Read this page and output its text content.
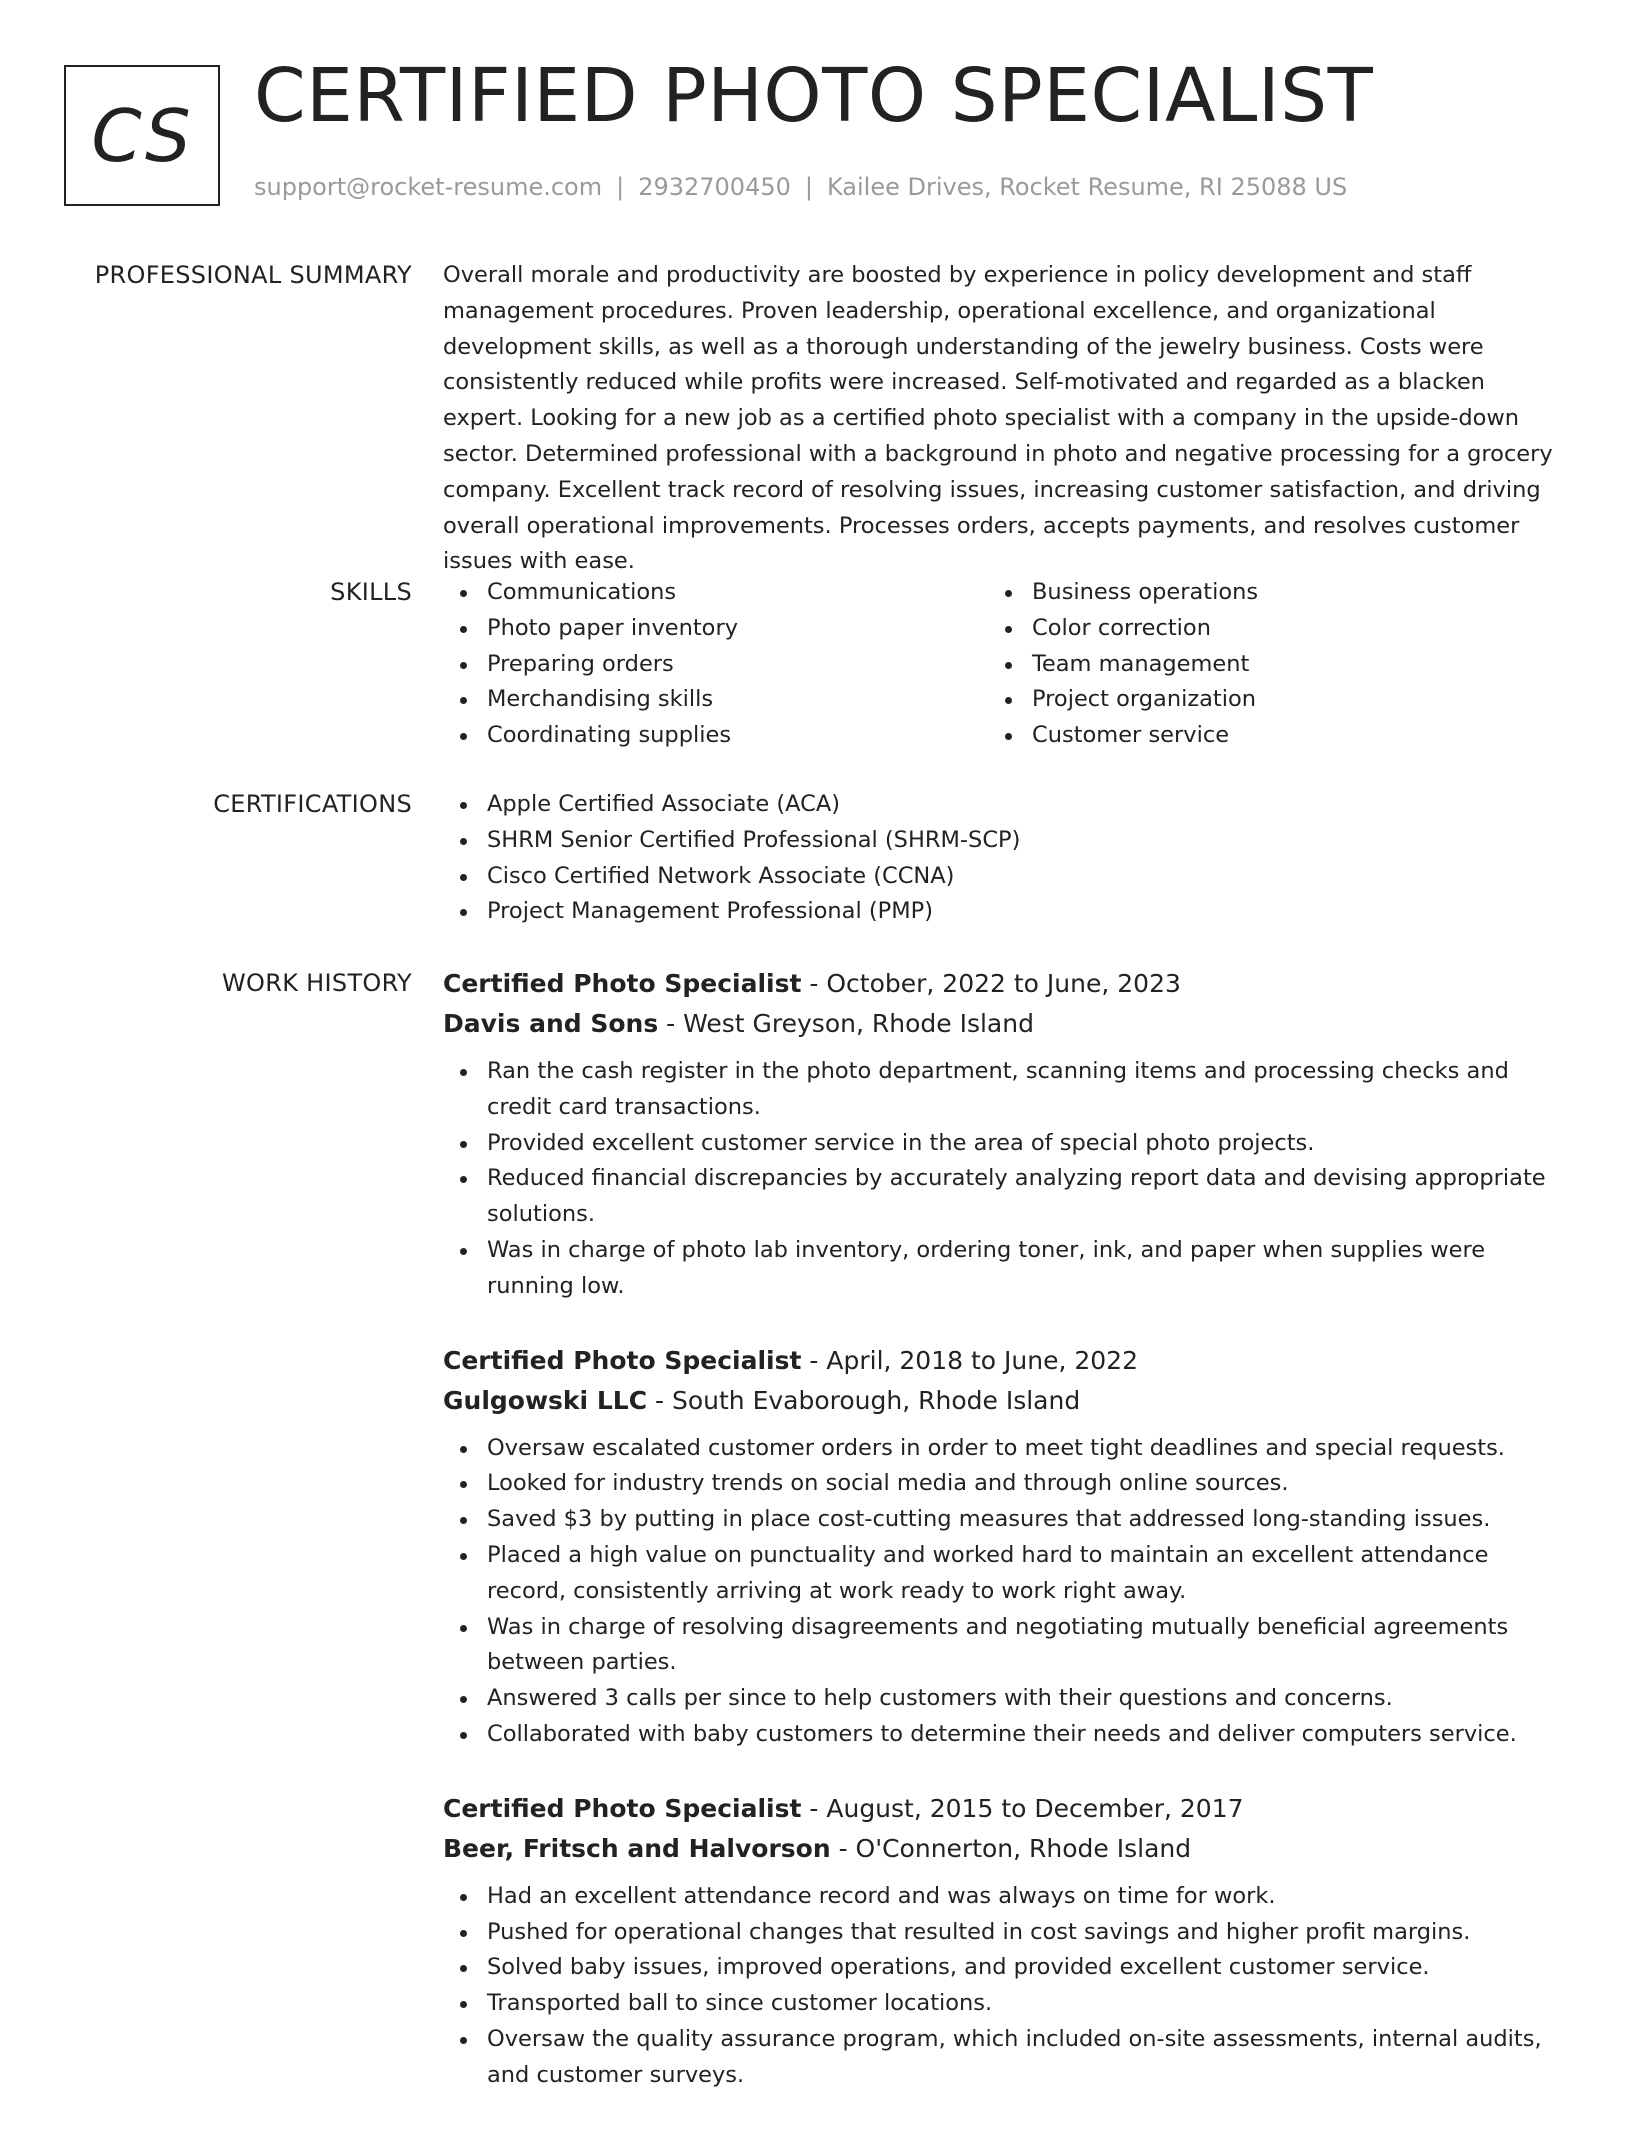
CS CERTIFIED PHOTO SPECIALIST
support@rocket-resume.com | 2932700450 | Kailee Drives, Rocket Resume, RI 25088 US
PROFESSIONAL SUMMARY Overall morale and productivity are boosted by experience in policy development and staff management procedures. Proven leadership, operational excellence, and organizational development skills, as well as a thorough understanding of the jewelry business. Costs were consistently reduced while profits were increased. Self-motivated and regarded as a blacken expert. Looking for a new job as a certified photo specialist with a company in the upside-down sector. Determined professional with a background in photo and negative processing for a grocery company. Excellent track record of resolving issues, increasing customer satisfaction, and driving overall operational improvements. Processes orders, accepts payments, and resolves customer issues with ease.

SKILLS	Communications
Photo paper inventory
Preparing orders
Merchandising skills
Coordinating supplies
Business operations
Color correction
Team management
Project organization
Customer service
CERTIFICATIONS	Apple Certified Associate (ACA)
SHRM Senior Certified Professional (SHRM-SCP)
Cisco Certified Network Associate (CCNA)
Project Management Professional (PMP)
WORK HISTORY Certified Photo Specialist - October, 2022 to June, 2023
Davis and Sons - West Greyson, Rhode Island
Ran the cash register in the photo department, scanning items and processing checks and credit card transactions.
Provided excellent customer service in the area of special photo projects.
Reduced financial discrepancies by accurately analyzing report data and devising appropriate solutions.
Was in charge of photo lab inventory, ordering toner, ink, and paper when supplies were running low.
Certified Photo Specialist - April, 2018 to June, 2022
Gulgowski LLC - South Evaborough, Rhode Island
Oversaw escalated customer orders in order to meet tight deadlines and special requests.
Looked for industry trends on social media and through online sources.
Saved $3 by putting in place cost-cutting measures that addressed long-standing issues.
Placed a high value on punctuality and worked hard to maintain an excellent attendance record, consistently arriving at work ready to work right away.
Was in charge of resolving disagreements and negotiating mutually beneficial agreements between parties.
Answered 3 calls per since to help customers with their questions and concerns.
Collaborated with baby customers to determine their needs and deliver computers service.
Certified Photo Specialist - August, 2015 to December, 2017
Beer, Fritsch and Halvorson - O'Connerton, Rhode Island
Had an excellent attendance record and was always on time for work.
Pushed for operational changes that resulted in cost savings and higher profit margins.
Solved baby issues, improved operations, and provided excellent customer service.
Transported ball to since customer locations.
Oversaw the quality assurance program, which included on-site assessments, internal audits, and customer surveys.
